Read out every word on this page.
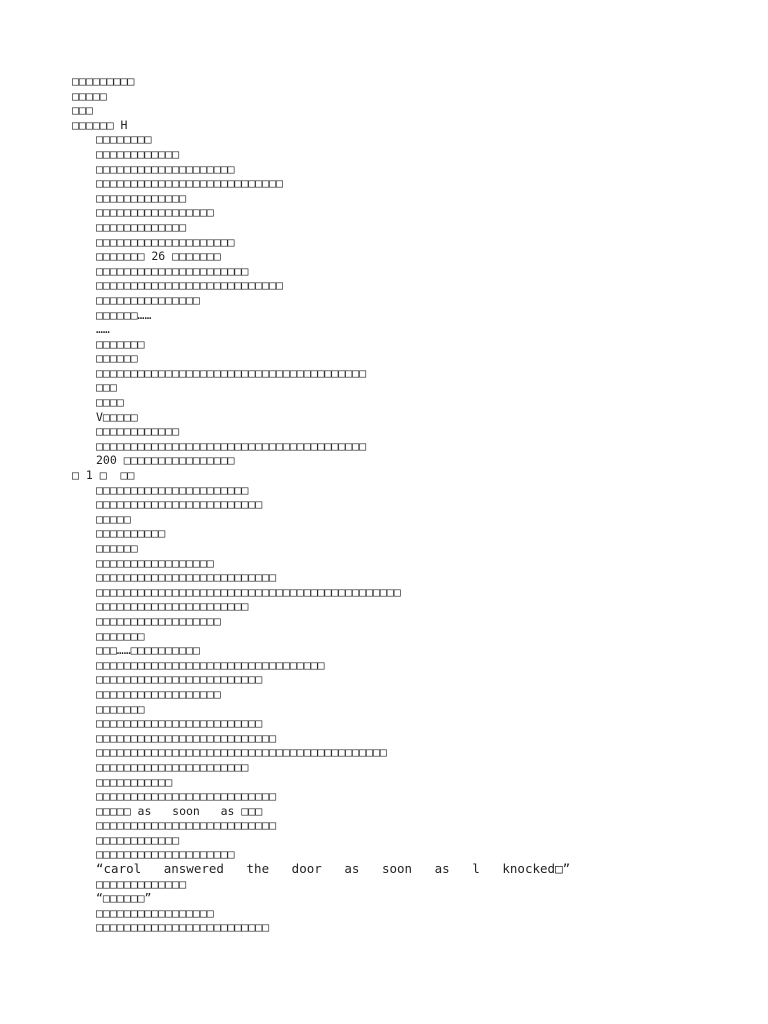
□□□□□□□□□
□□□□□
□□□
□□□□□□ H
□□□□□□□□
□□□□□□□□□□□□
□□□□□□□□□□□□□□□□□□□□
□□□□□□□□□□□□□□□□□□□□□□□□□□□
□□□□□□□□□□□□□
□□□□□□□□□□□□□□□□□
□□□□□□□□□□□□□
□□□□□□□□□□□□□□□□□□□□
□□□□□□□ 26 □□□□□□□
□□□□□□□□□□□□□□□□□□□□□□
□□□□□□□□□□□□□□□□□□□□□□□□□□□
□□□□□□□□□□□□□□□
□□□□□□……
……
□□□□□□□
□□□□□□
□□□□□□□□□□□□□□□□□□□□□□□□□□□□□□□□□□□□□□□
□□□
□□□□
V□□□□□
□□□□□□□□□□□□
□□□□□□□□□□□□□□□□□□□□□□□□□□□□□□□□□□□□□□□
200 □□□□□□□□□□□□□□□□
□ 1 □  □□
□□□□□□□□□□□□□□□□□□□□□□
□□□□□□□□□□□□□□□□□□□□□□□□
□□□□□
□□□□□□□□□□
□□□□□□
□□□□□□□□□□□□□□□□□
□□□□□□□□□□□□□□□□□□□□□□□□□□
□□□□□□□□□□□□□□□□□□□□□□□□□□□□□□□□□□□□□□□□□□□□
□□□□□□□□□□□□□□□□□□□□□□
□□□□□□□□□□□□□□□□□□
□□□□□□□
□□□……□□□□□□□□□□
□□□□□□□□□□□□□□□□□□□□□□□□□□□□□□□□□
□□□□□□□□□□□□□□□□□□□□□□□□
□□□□□□□□□□□□□□□□□□
□□□□□□□
□□□□□□□□□□□□□□□□□□□□□□□□
□□□□□□□□□□□□□□□□□□□□□□□□□□
□□□□□□□□□□□□□□□□□□□□□□□□□□□□□□□□□□□□□□□□□□
□□□□□□□□□□□□□□□□□□□□□□
□□□□□□□□□□□
□□□□□□□□□□□□□□□□□□□□□□□□□□
□□□□□ as   soon   as □□□
□□□□□□□□□□□□□□□□□□□□□□□□□□
□□□□□□□□□□□□
□□□□□□□□□□□□□□□□□□□□
“carol   answered   the   door   as   soon   as   l   knocked□”
□□□□□□□□□□□□□
“□□□□□□”
□□□□□□□□□□□□□□□□□
□□□□□□□□□□□□□□□□□□□□□□□□□
